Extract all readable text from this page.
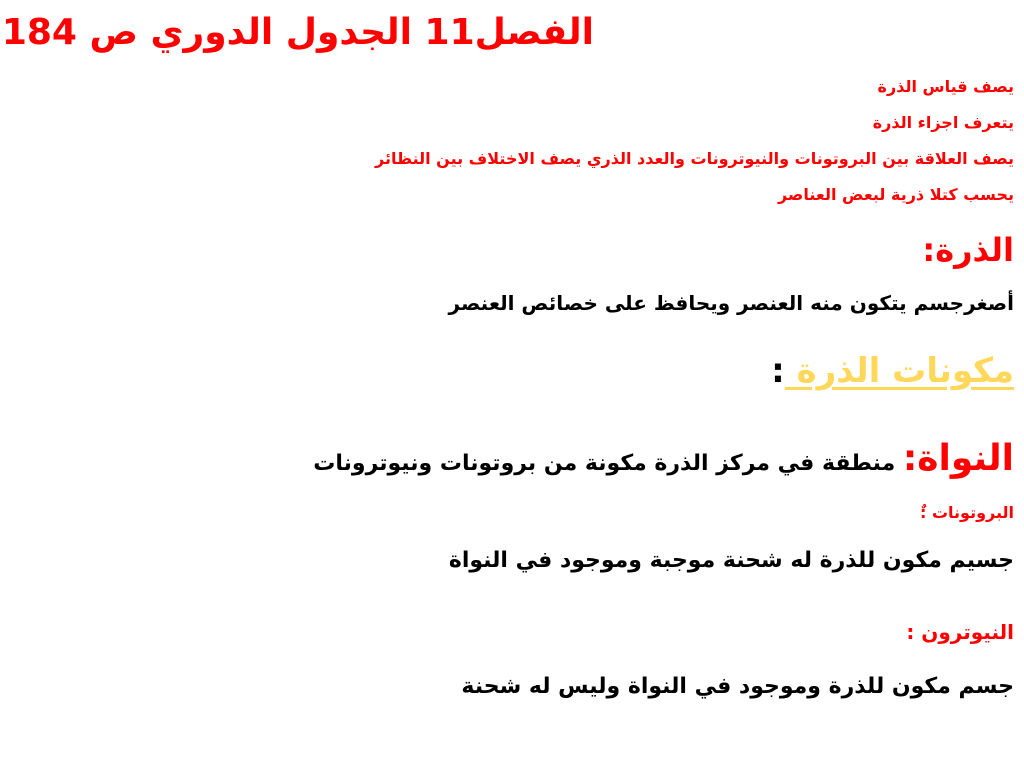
الفصل11 الجدول الدوري ص 184
يصف قياس الذرة
يتعرف اجزاء الذرة
يصف العلاقة بين البروتونات والنيوترونات والعدد الذري يصف الاختلاف بين النظائر
يحسب كتلا ذرية لبعض العناصر
الذرة:
أصغرجسم يتكون منه العنصر ويحافظ على خصائص العنصر
مكونات الذرة :
النواة: منطقة في مركز الذرة مكونة من بروتونات ونيوترونات
البروتونات :ٌ
جسيم مكون للذرة له شحنة موجبة وموجود في النواة
النيوترون :
جسم مكون للذرة وموجود في النواة وليس له شحنة
